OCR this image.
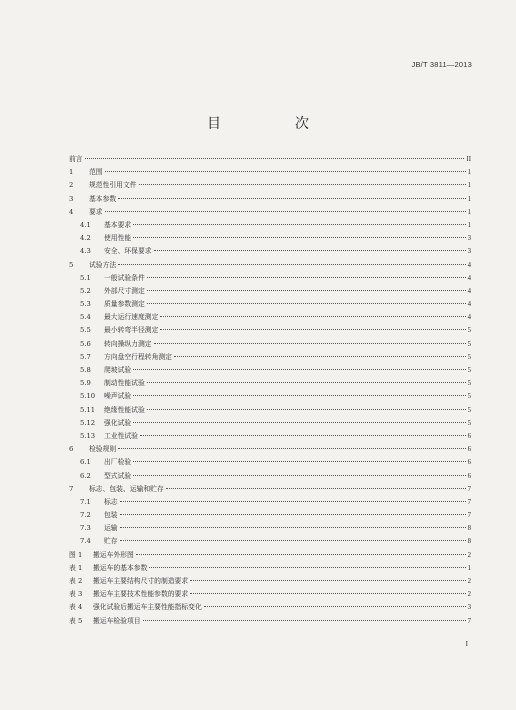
JB/T 3811—2013
目　次
前言	II
1	范围	1
2	规范性引用文件	1
3	基本参数	1
4	要求	1
4.1	基本要求	1
4.2	使用性能	3
4.3	安全、环保要求	3
5	试验方法	4
5.1	一般试验条件	4
5.2	外部尺寸测定	4
5.3	质量参数测定	4
5.4	最大运行速度测定	4
5.5	最小转弯半径测定	5
5.6	转向操纵力测定	5
5.7	方向盘空行程转角测定	5
5.8	爬坡试验	5
5.9	制动性能试验	5
5.10	噪声试验	5
5.11	绝缘性能试验	5
5.12	强化试验	5
5.13	工业性试验	6
6	检验规则	6
6.1	出厂检验	6
6.2	型式试验	6
7	标志、包装、运输和贮存	7
7.1	标志	7
7.2	包装	7
7.3	运输	8
7.4	贮存	8
图 1	搬运车外形图	2
表 1	搬运车的基本参数	1
表 2	搬运车主要结构尺寸的制造要求	2
表 3	搬运车主要技术性能参数的要求	2
表 4	强化试验后搬运车主要性能指标变化	3
表 5	搬运车检验项目	7
I
